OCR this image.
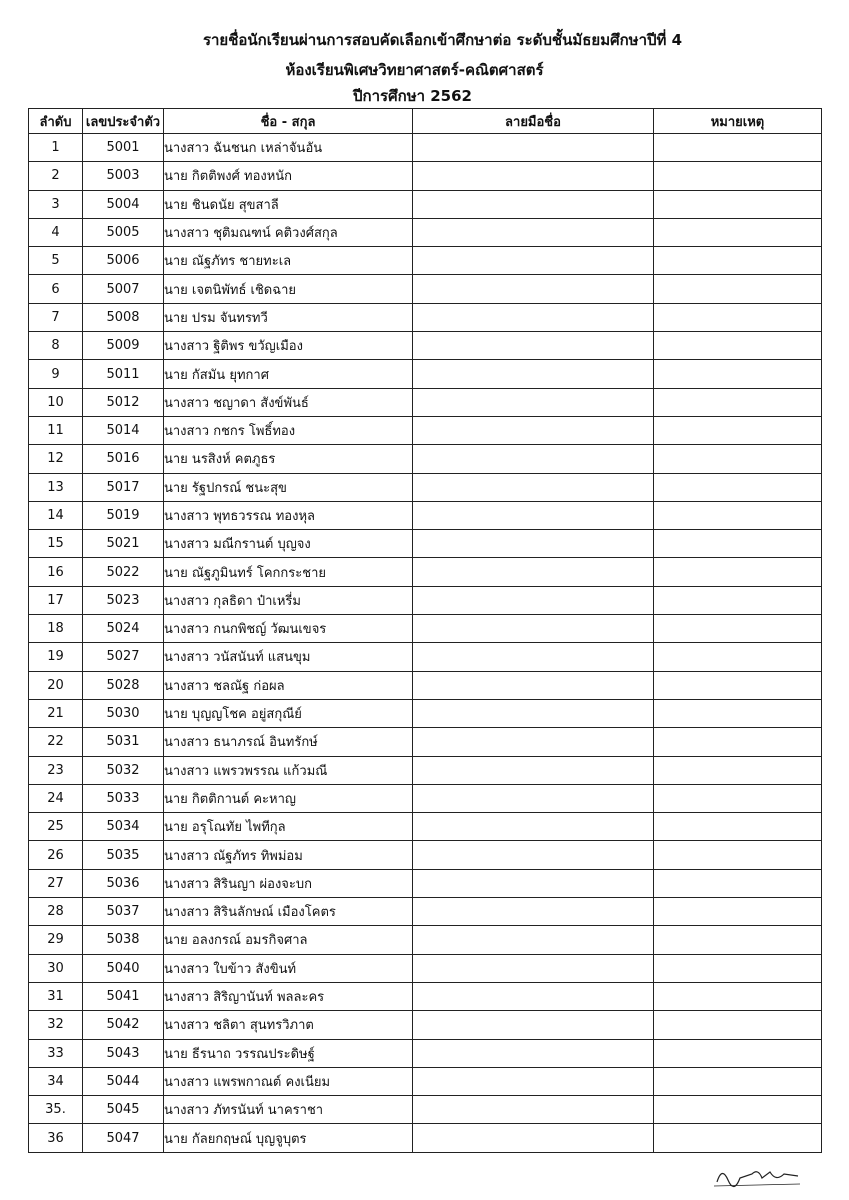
รายชื่อนักเรียนผ่านการสอบคัดเลือกเข้าศึกษาต่อ ระดับชั้นมัธยมศึกษาปีที่ 4
ห้องเรียนพิเศษวิทยาศาสตร์-คณิตศาสตร์
ปีการศึกษา 2562
ลำดับ	เลขประจำตัว	ชื่อ - สกุล	ลายมือชื่อ	หมายเหตุ
1	5001	นางสาว ฉันชนก เหล่าจันอัน		
2	5003	นาย กิตติพงศ์ ทองหนัก		
3	5004	นาย ชินดนัย สุขสาลี		
4	5005	นางสาว ชุติมณฑน์ คติวงศ์สกุล		
5	5006	นาย ณัฐภัทร ชายทะเล		
6	5007	นาย เจตนิพัทธ์ เชิดฉาย		
7	5008	นาย ปรม จันทรทวี		
8	5009	นางสาว ฐิติพร ขวัญเมือง		
9	5011	นาย กัสมัน ยุทกาศ		
10	5012	นางสาว ชญาดา สังข์พันธ์		
11	5014	นางสาว กชกร โพธิ์ทอง		
12	5016	นาย นรสิงห์ คตภูธร		
13	5017	นาย รัฐปกรณ์ ชนะสุข		
14	5019	นางสาว พุทธวรรณ ทองหุล		
15	5021	นางสาว มณีกรานต์ บุญจง		
16	5022	นาย ณัฐภูมินทร์ โคกกระชาย		
17	5023	นางสาว กุลธิดา ป๋าเหรี่ม		
18	5024	นางสาว กนกพิชญ์ วัฒนเขจร		
19	5027	นางสาว วนัสนันท์ แสนขุม		
20	5028	นางสาว ชลณัฐ ก่อผล		
21	5030	นาย บุญญโชค อยู่สกุณีย์		
22	5031	นางสาว ธนาภรณ์ อินทรักษ์		
23	5032	นางสาว แพรวพรรณ แก้วมณี		
24	5033	นาย กิตติกานต์ คะหาญ		
25	5034	นาย อรุโณทัย ไพทีกุล		
26	5035	นางสาว ณัฐภัทร ทิพม่อม		
27	5036	นางสาว สิรินญา ผ่องจะบก		
28	5037	นางสาว สิรินลักษณ์ เมืองโคตร		
29	5038	นาย อลงกรณ์ อมรกิจศาล		
30	5040	นางสาว ใบข้าว สังขินท์		
31	5041	นางสาว สิริญานันท์ พลละคร		
32	5042	นางสาว ชลิตา สุนทรวิภาต		
33	5043	นาย ธีรนาถ วรรณประดิษฐ์		
34	5044	นางสาว แพรพกาณต์ คงเนียม		
35.	5045	นางสาว ภัทรนันท์ นาคราชา		
36	5047	นาย กัลยกฤษณ์ บุญจูบุตร		
